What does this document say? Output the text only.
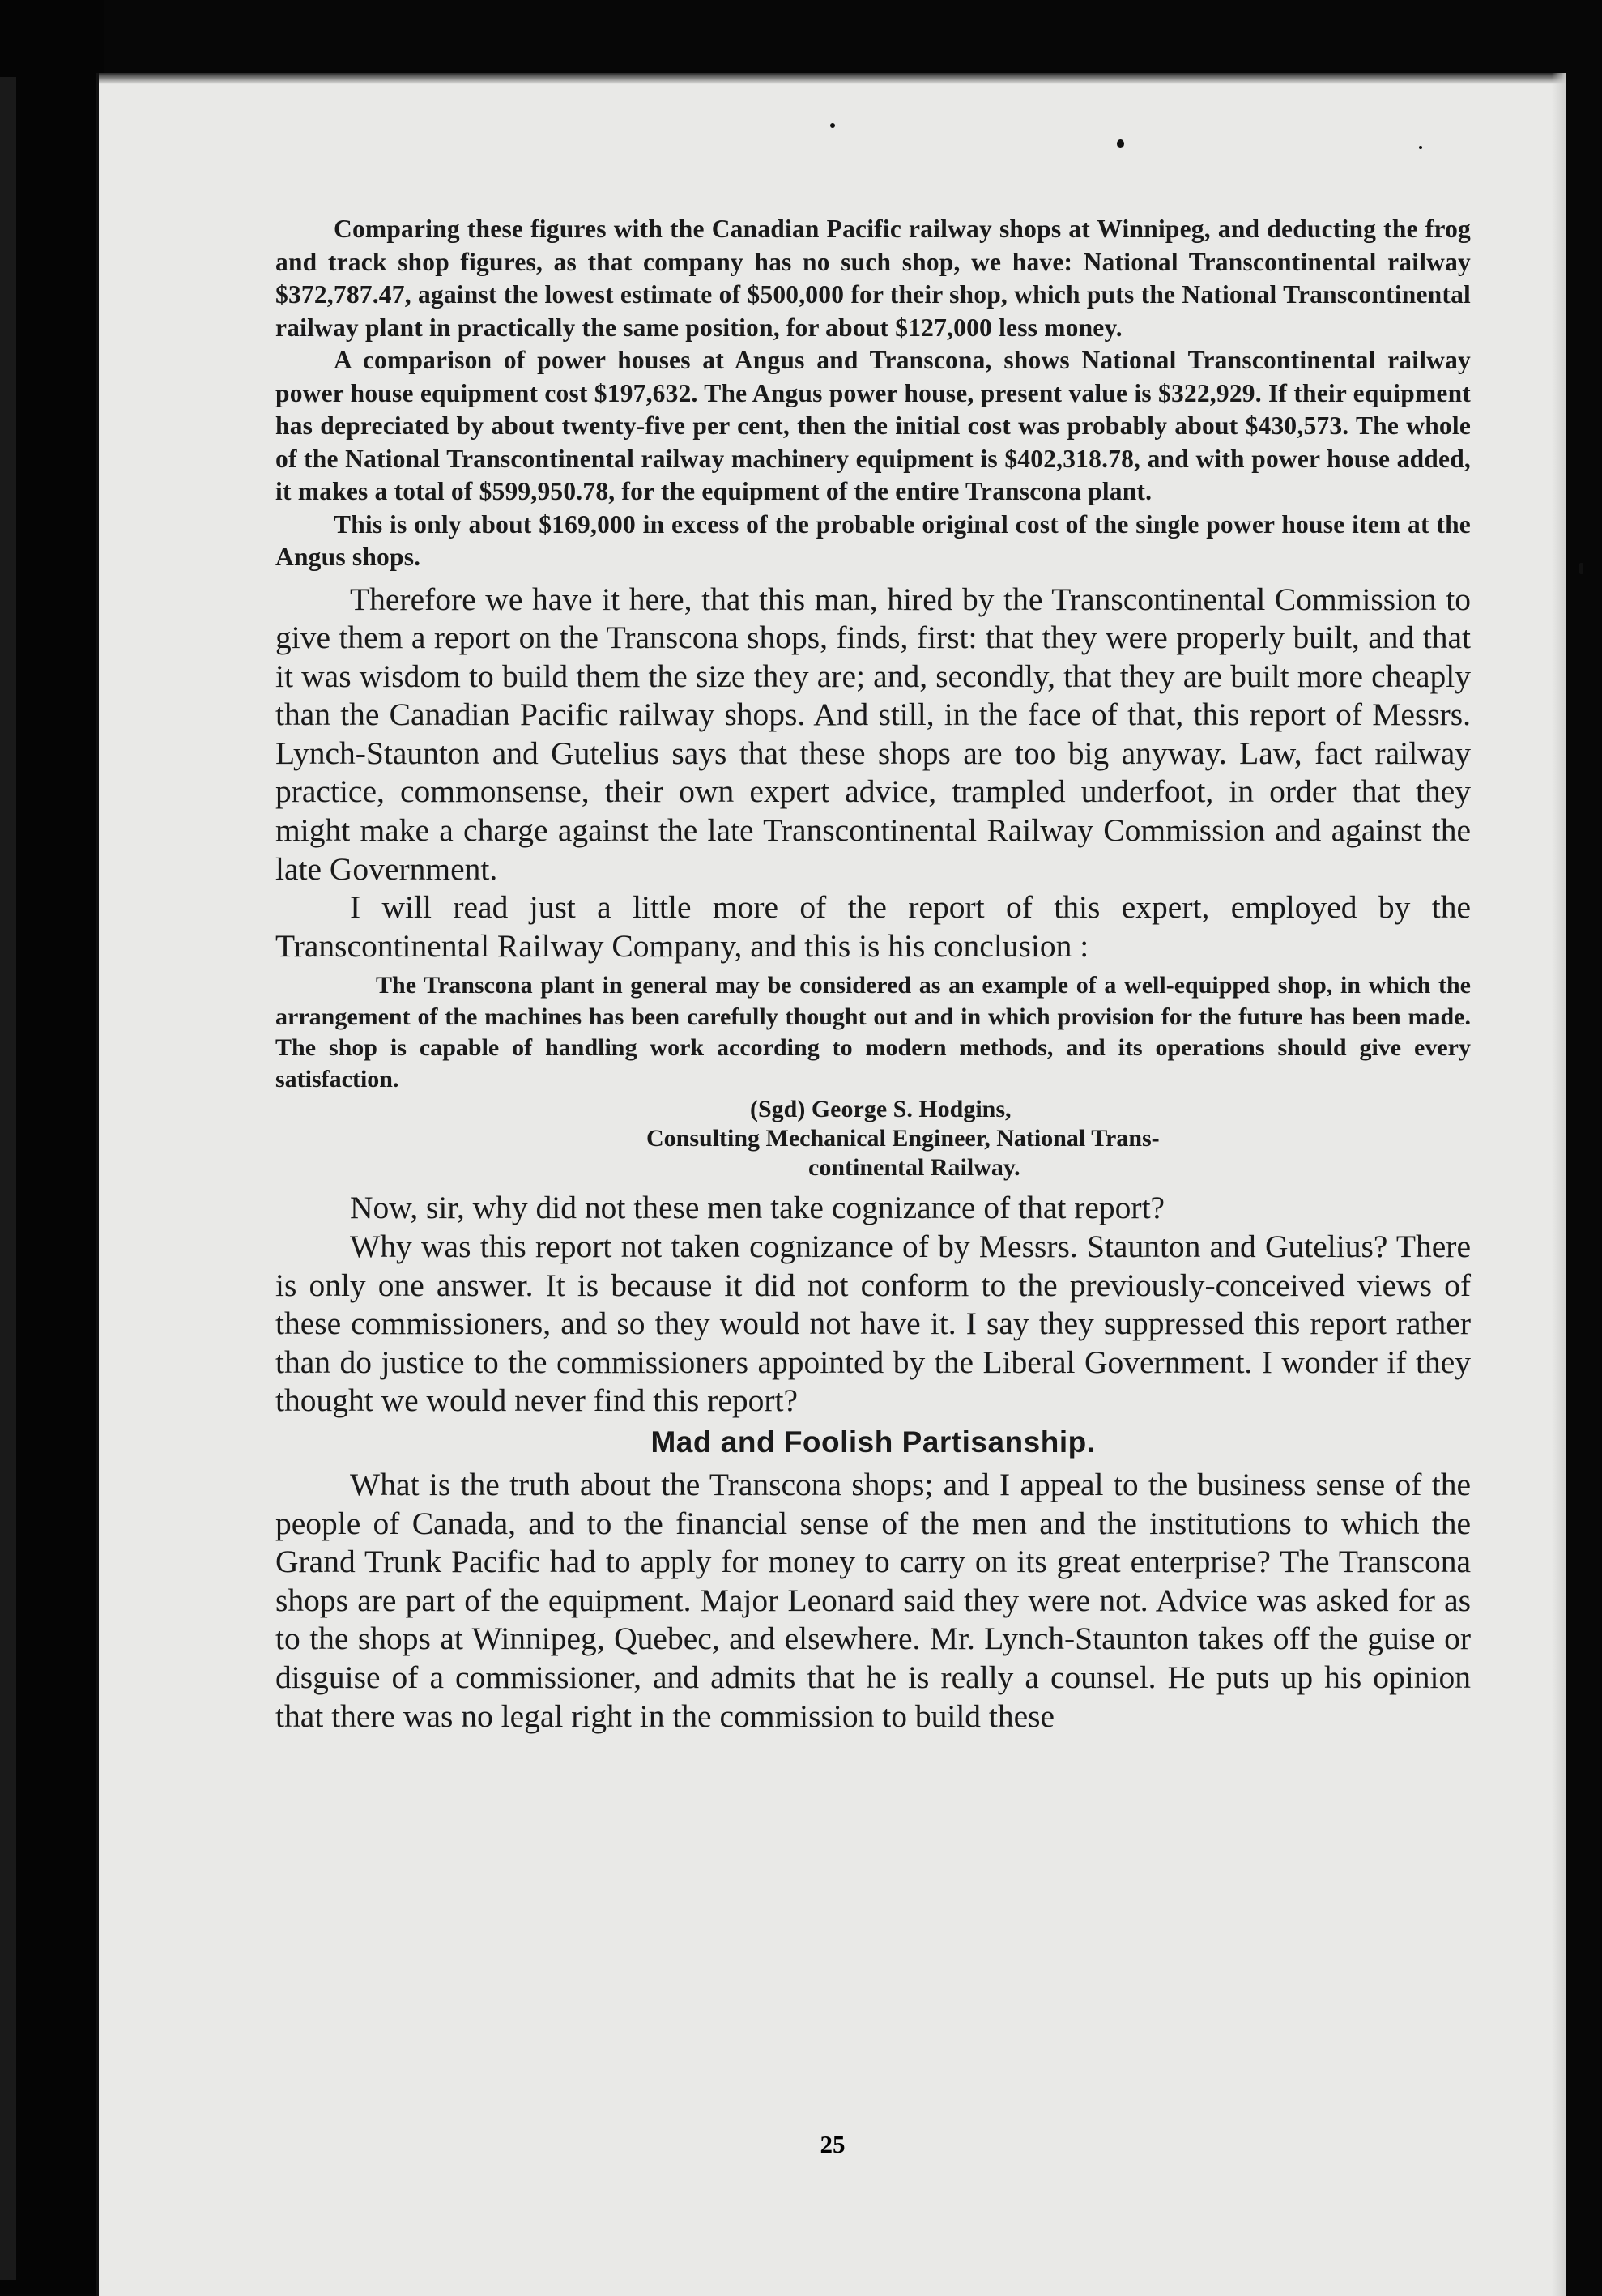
Comparing these figures with the Canadian Pacific railway shops at Winnipeg, and deducting the frog and track shop figures, as that company has no such shop, we have: National Transcontinental railway $372,787.47, against the lowest estimate of $500,000 for their shop, which puts the National Transcontinental railway plant in practically the same position, for about $127,000 less money.

A comparison of power houses at Angus and Transcona, shows National Transcontinental railway power house equipment cost $197,632. The Angus power house, present value is $322,929. If their equipment has depreciated by about twenty-five per cent, then the initial cost was probably about $430,573. The whole of the National Transcontinental railway machinery equipment is $402,318.78, and with power house added, it makes a total of $599,950.78, for the equipment of the entire Transcona plant.

This is only about $169,000 in excess of the probable original cost of the single power house item at the Angus shops.

Therefore we have it here, that this man, hired by the Transcontinental Commission to give them a report on the Transcona shops, finds, first: that they were properly built, and that it was wisdom to build them the size they are; and, secondly, that they are built more cheaply than the Canadian Pacific railway shops. And still, in the face of that, this report of Messrs. Lynch-Staunton and Gutelius says that these shops are too big anyway. Law, fact railway practice, commonsense, their own expert advice, trampled underfoot, in order that they might make a charge against the late Transcontinental Railway Commission and against the late Government.

I will read just a little more of the report of this expert, employed by the Transcontinental Railway Company, and this is his conclusion :

The Transcona plant in general may be considered as an example of a well-equipped shop, in which the arrangement of the machines has been carefully thought out and in which provision for the future has been made. The shop is capable of handling work according to modern methods, and its operations should give every satisfaction.

(Sgd) George S. Hodgins,
Consulting Mechanical Engineer, National Trans-
continental Railway.

Now, sir, why did not these men take cognizance of that report?

Why was this report not taken cognizance of by Messrs. Staunton and Gutelius? There is only one answer. It is because it did not conform to the previously-conceived views of these commissioners, and so they would not have it. I say they suppressed this report rather than do justice to the commissioners appointed by the Liberal Government. I wonder if they thought we would never find this report?

Mad and Foolish Partisanship.

What is the truth about the Transcona shops; and I appeal to the business sense of the people of Canada, and to the financial sense of the men and the institutions to which the Grand Trunk Pacific had to apply for money to carry on its great enterprise? The Transcona shops are part of the equipment. Major Leonard said they were not. Advice was asked for as to the shops at Winnipeg, Quebec, and elsewhere. Mr. Lynch-Staunton takes off the guise or disguise of a commissioner, and admits that he is really a counsel. He puts up his opinion that there was no legal right in the commission to build these

25
